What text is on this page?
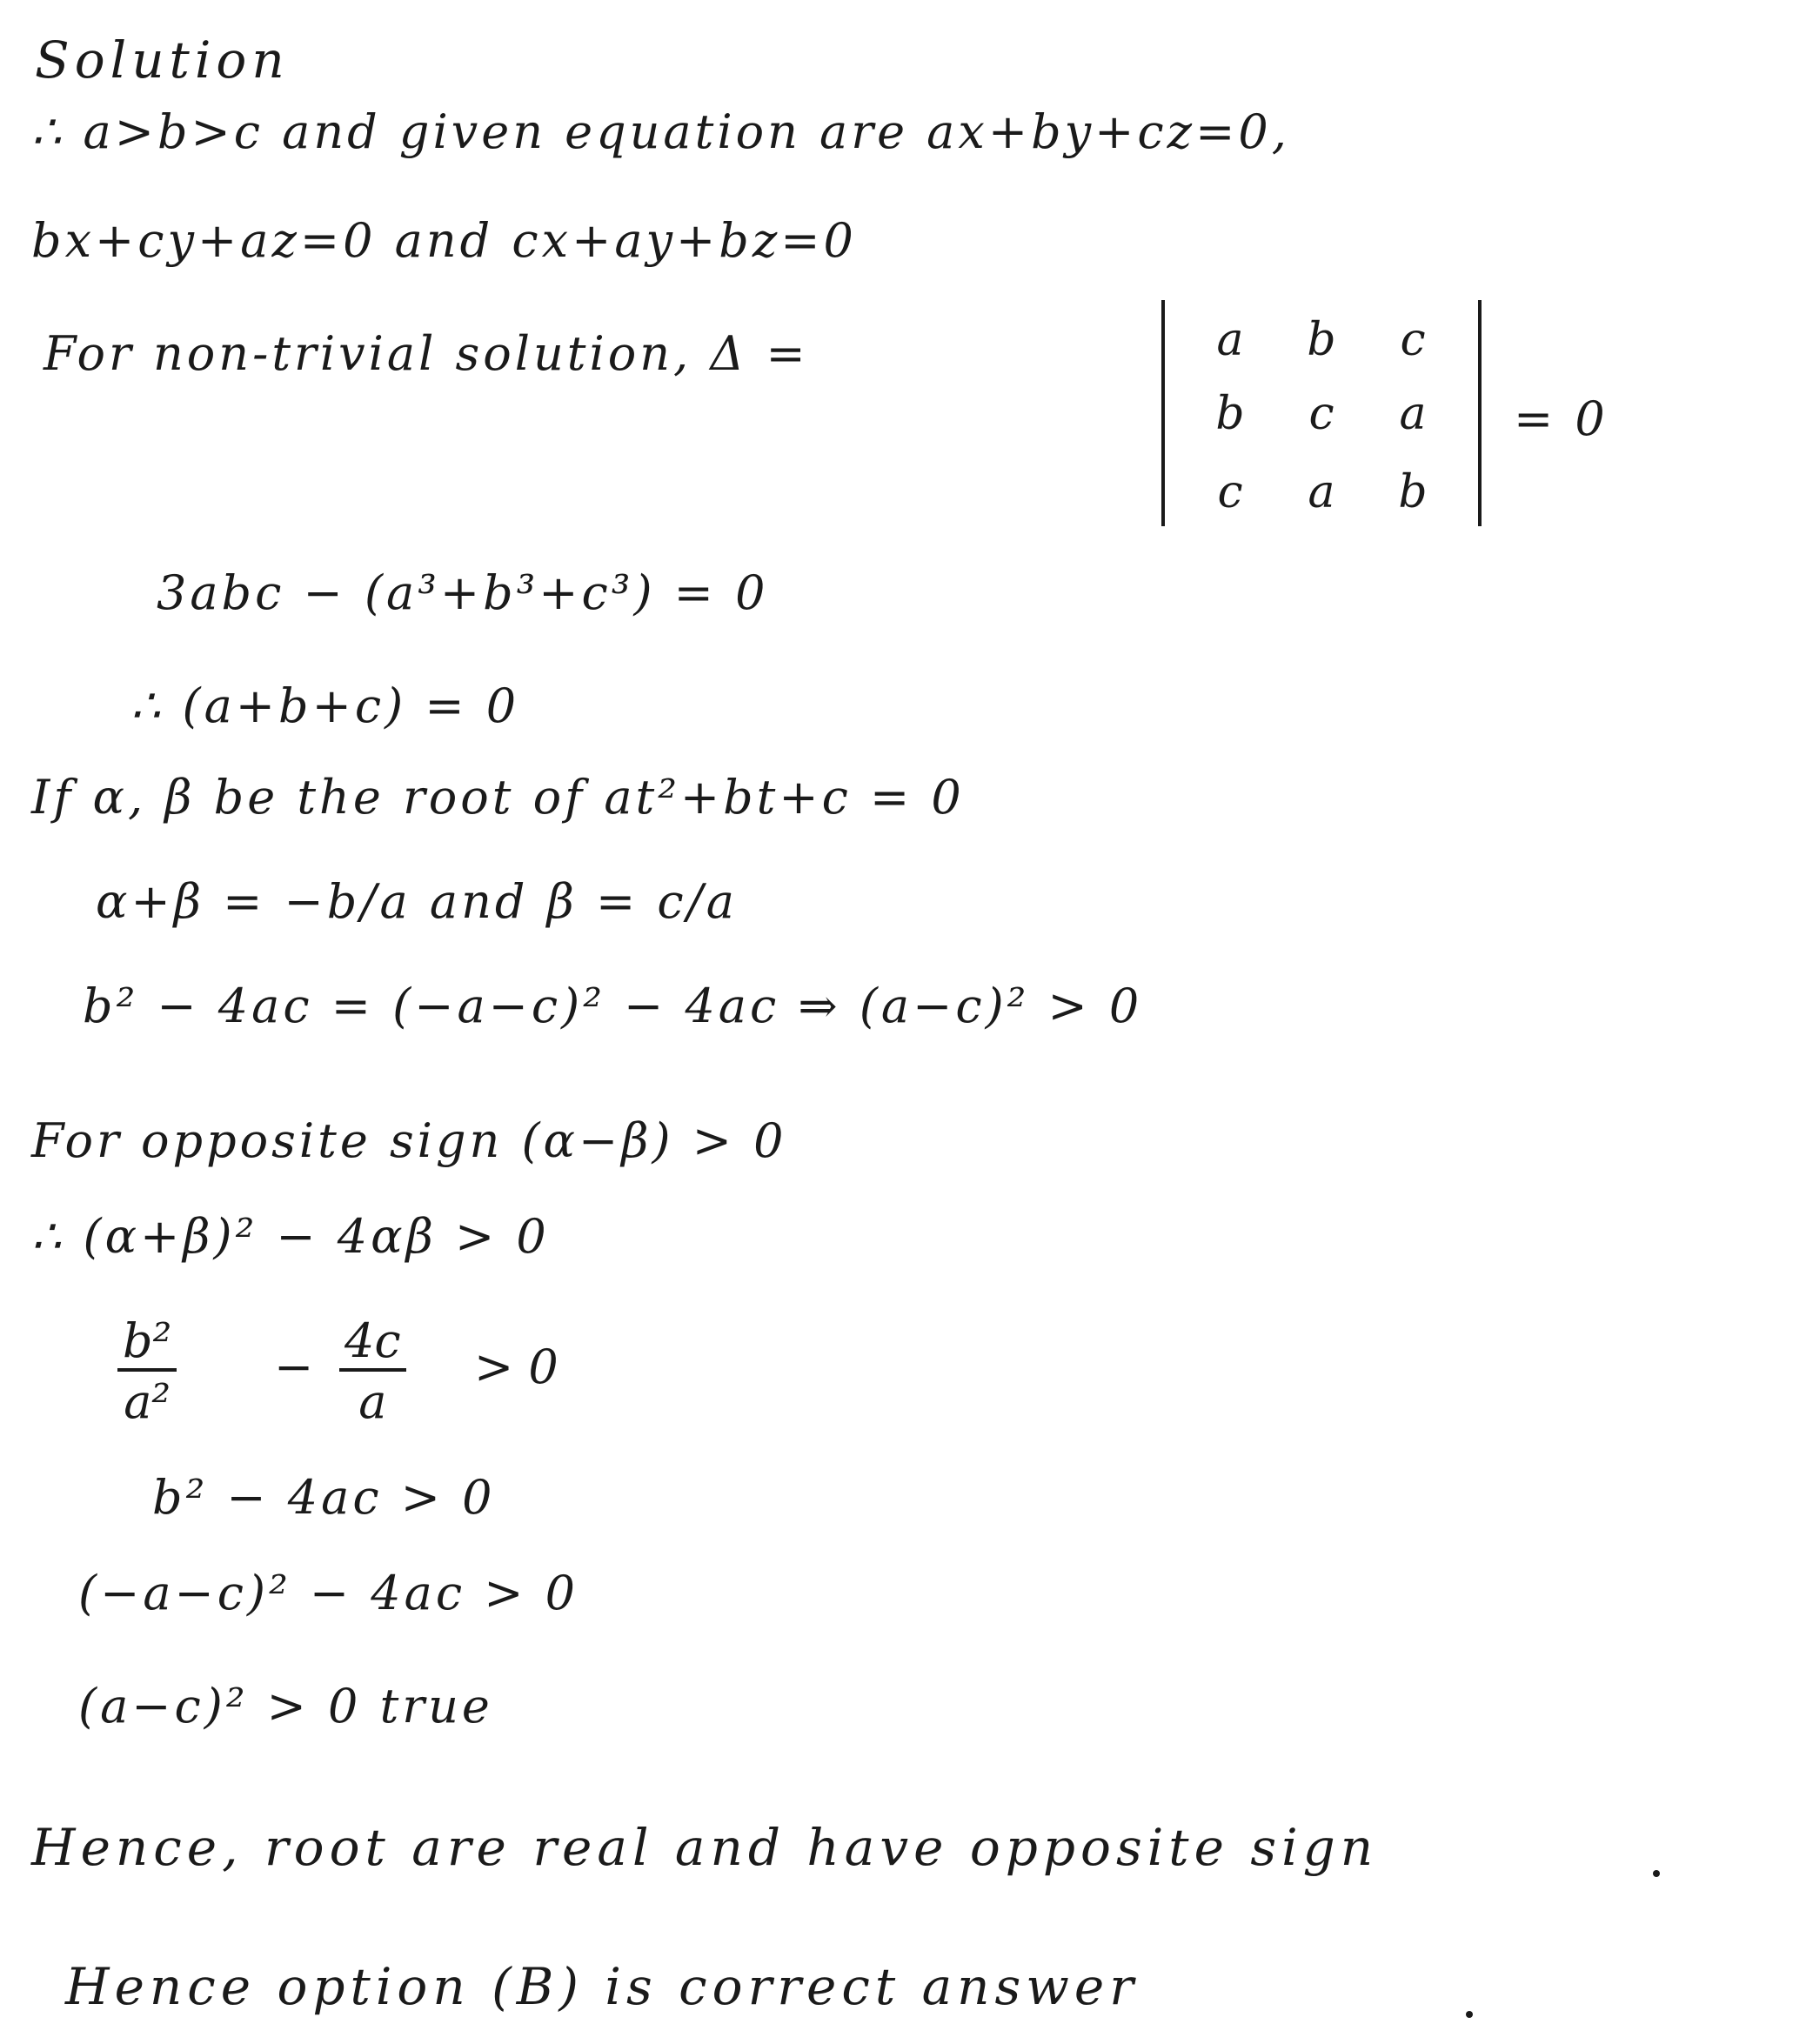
Solution
∴ a>b>c and given equation are ax+by+cz=0,
bx+cy+az=0 and cx+ay+bz=0
For non-trivial solution, Δ =	a b c
b c a
c a b
= 0
3abc − (a³+b³+c³) = 0
∴ (a+b+c) = 0
If α, β be the root of at²+bt+c = 0
α+β = −b/a and β = c/a
b² − 4ac = (−a−c)² − 4ac ⇒ (a−c)² > 0
For opposite sign (α−β) > 0
∴ (α+β)² − 4αβ > 0
b²
a²
− 4c
a
> 0
b² − 4ac > 0
(−a−c)² − 4ac > 0
(a−c)² > 0 true
Hence, root are real and have opposite sign
Hence option (B) is correct answer
